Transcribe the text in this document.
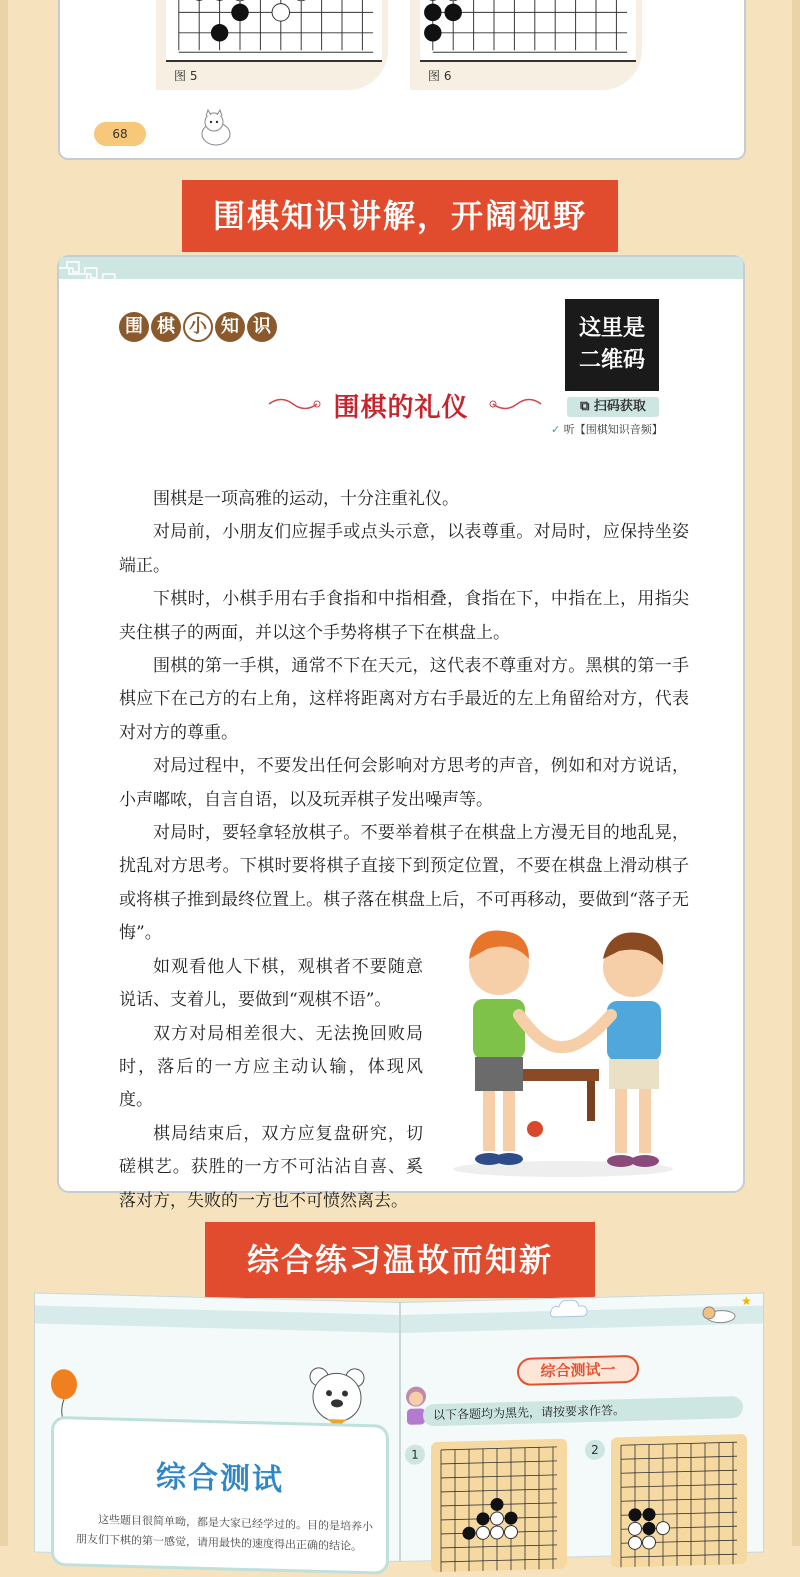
图 5	图 6
68
围棋知识讲解，开阔视野
围 棋 小 知 识	这里是
二维码
⧉ 扫码获取
✓ 听【围棋知识音频】
围棋的礼仪

围棋是一项高雅的运动，十分注重礼仪。

对局前，小朋友们应握手或点头示意，以表尊重。对局时，应保持坐姿端正。

下棋时，小棋手用右手食指和中指相叠，食指在下，中指在上，用指尖夹住棋子的两面，并以这个手势将棋子下在棋盘上。

围棋的第一手棋，通常不下在天元，这代表不尊重对方。黑棋的第一手棋应下在己方的右上角，这样将距离对方右手最近的左上角留给对方，代表对对方的尊重。

对局过程中，不要发出任何会影响对方思考的声音，例如和对方说话，小声嘟哝，自言自语，以及玩弄棋子发出噪声等。

对局时，要轻拿轻放棋子。不要举着棋子在棋盘上方漫无目的地乱晃，扰乱对方思考。下棋时要将棋子直接下到预定位置，不要在棋盘上滑动棋子或将棋子推到最终位置上。棋子落在棋盘上后，不可再移动，要做到“落子无悔”。

如观看他人下棋，观棋者不要随意说话、支着儿，要做到“观棋不语”。

双方对局相差很大、无法挽回败局时，落后的一方应主动认输，体现风度。

棋局结束后，双方应复盘研究，切磋棋艺。获胜的一方不可沾沾自喜、奚落对方，失败的一方也不可愤然离去。

综合练习温故而知新
综合测试
这些题目很简单呦，都是大家已经学过的。目的是培养小朋友们下棋的第一感觉，请用最快的速度得出正确的结论。
★
综合测试一
以下各题均为黑先，请按要求作答。
1	2
